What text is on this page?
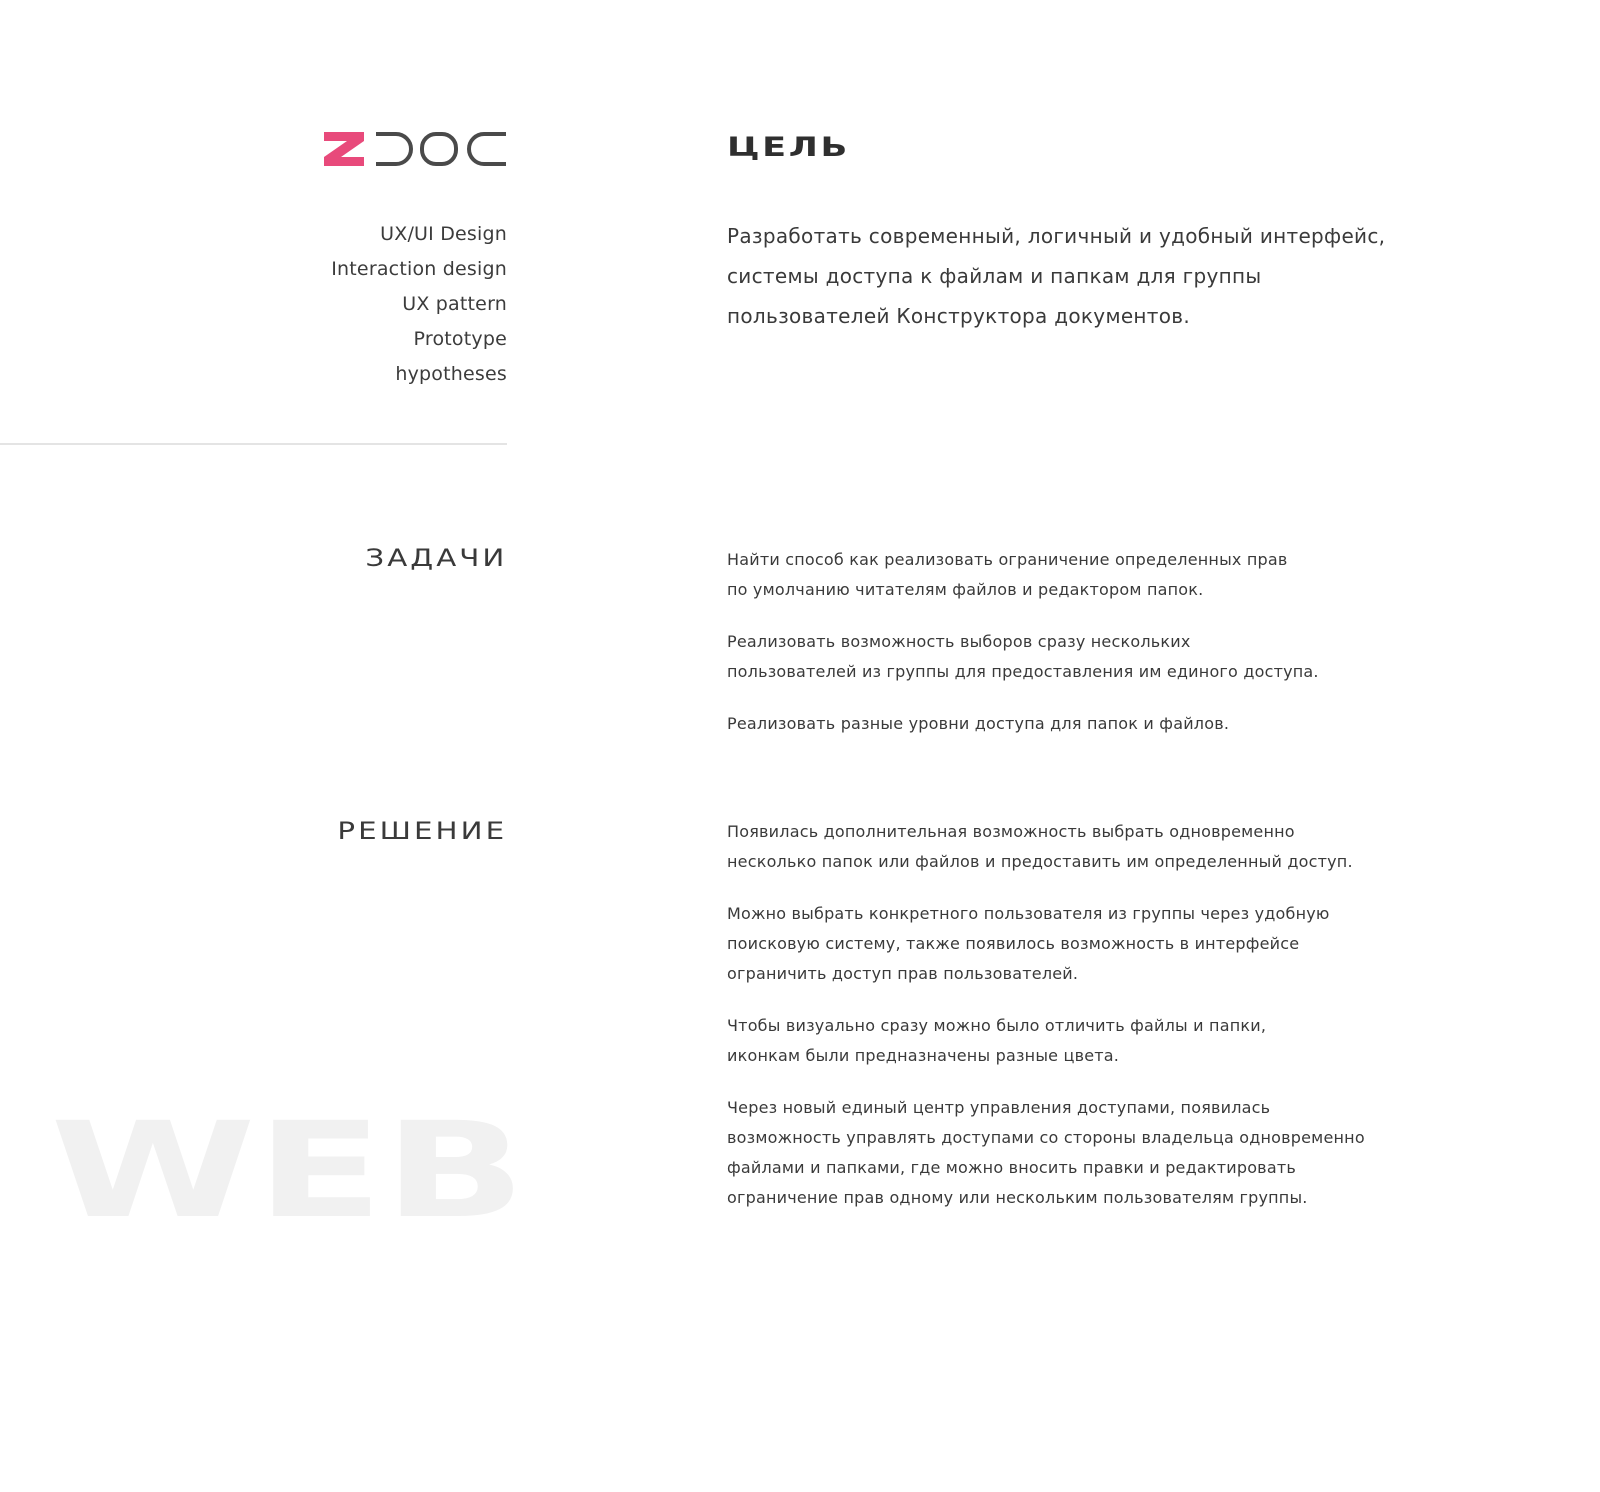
UX/UI Design
Interaction design
UX pattern
Prototype
hypotheses
ЗАДАЧИ
РЕШЕНИЕ
WEB
ЦЕЛЬ

Разработать современный, логичный и удобный интерфейс,
системы доступа к файлам и папкам для группы
пользователей Конструктора документов.

Найти способ как реализовать ограничение определенных прав
по умолчанию читателям файлов и редактором папок.

Реализовать возможность выборов сразу нескольких
пользователей из группы для предоставления им единого доступа.

Реализовать разные уровни доступа для папок и файлов.

Появилась дополнительная возможность выбрать одновременно
несколько папок или файлов и предоставить им определенный доступ.

Можно выбрать конкретного пользователя из группы через удобную
поисковую систему, также появилось возможность в интерфейсе
ограничить доступ прав пользователей.

Чтобы визуально сразу можно было отличить файлы и папки,
иконкам были предназначены разные цвета.

Через новый единый центр управления доступами, появилась
возможность управлять доступами со стороны владельца одновременно
файлами и папками, где можно вносить правки и редактировать
ограничение прав одному или нескольким пользователям группы.
